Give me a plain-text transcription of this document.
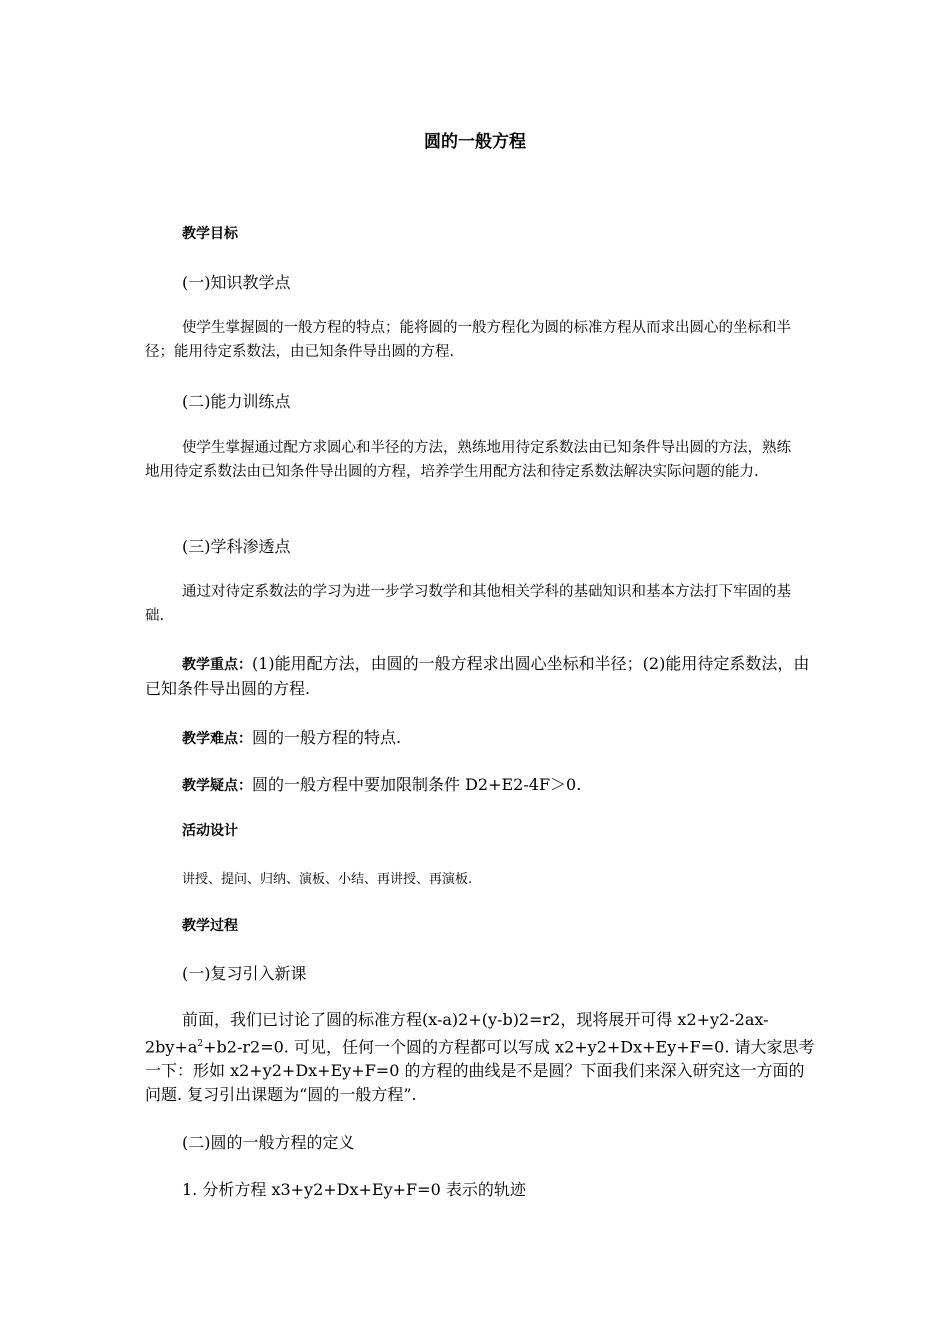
圆的一般方程
教学目标
(一)知识教学点
使学生掌握圆的一般方程的特点；能将圆的一般方程化为圆的标准方程从而求出圆心的坐标和半径；能用待定系数法，由已知条件导出圆的方程.
(二)能力训练点
使学生掌握通过配方求圆心和半径的方法，熟练地用待定系数法由已知条件导出圆的方法，熟练地用待定系数法由已知条件导出圆的方程，培养学生用配方法和待定系数法解决实际问题的能力.
(三)学科渗透点
通过对待定系数法的学习为进一步学习数学和其他相关学科的基础知识和基本方法打下牢固的基础.
教学重点：(1)能用配方法，由圆的一般方程求出圆心坐标和半径；(2)能用待定系数法，由已知条件导出圆的方程.
教学难点：圆的一般方程的特点.
教学疑点：圆的一般方程中要加限制条件 D2+E2-4F＞0.
活动设计
讲授、提问、归纳、演板、小结、再讲授、再演板.
教学过程
(一)复习引入新课
前面，我们已讨论了圆的标准方程(x-a)2+(y-b)2=r2，现将展开可得 $x2+y2-2ax-2by+a^2+b2-r2=0$. 可见，任何一个圆的方程都可以写成 x2+y2+Dx+Ey+F=0. 请大家思考一下：形如 x2+y2+Dx+Ey+F=0 的方程的曲线是不是圆？下面我们来深入研究这一方面的问题. 复习引出课题为“圆的一般方程”.
(二)圆的一般方程的定义
1. 分析方程 x3+y2+Dx+Ey+F=0 表示的轨迹
